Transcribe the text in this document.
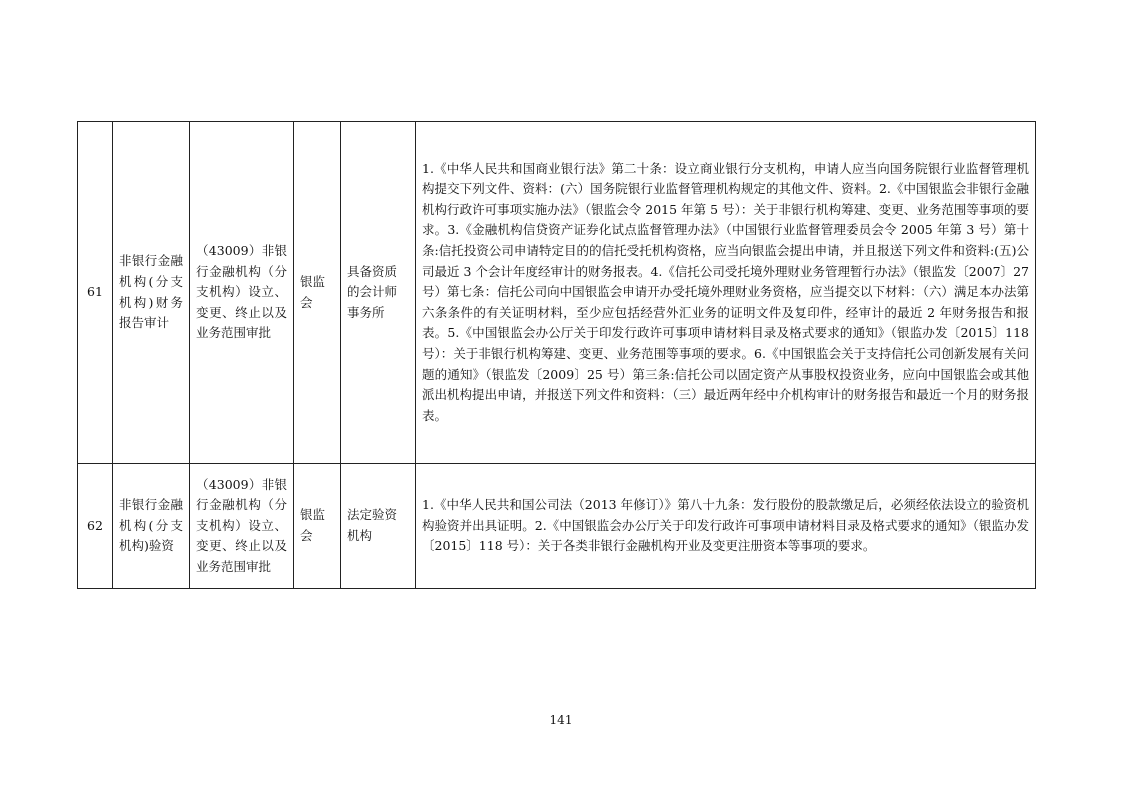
61	非银行金融机构(分支机构)财务报告审计	（43009）非银行金融机构（分支机构）设立、变更、终止以及业务范围审批	银监会	具备资质的会计师事务所	1.《中华人民共和国商业银行法》第二十条：设立商业银行分支机构，申请人应当向国务院银行业监督管理机构提交下列文件、资料：(六）国务院银行业监督管理机构规定的其他文件、资料。2.《中国银监会非银行金融机构行政许可事项实施办法》（银监会令 2015 年第 5 号）：关于非银行机构筹建、变更、业务范围等事项的要求。3.《金融机构信贷资产证券化试点监督管理办法》（中国银行业监督管理委员会令 2005 年第 3 号）第十条:信托投资公司申请特定目的的信托受托机构资格，应当向银监会提出申请，并且报送下列文件和资料:(五)公司最近 3 个会计年度经审计的财务报表。4.《信托公司受托境外理财业务管理暂行办法》（银监发〔2007〕27 号）第七条：信托公司向中国银监会申请开办受托境外理财业务资格，应当提交以下材料：（六）满足本办法第六条条件的有关证明材料，至少应包括经营外汇业务的证明文件及复印件，经审计的最近 2 年财务报告和报表。5.《中国银监会办公厅关于印发行政许可事项申请材料目录及格式要求的通知》（银监办发〔2015〕118 号）：关于非银行机构筹建、变更、业务范围等事项的要求。6.《中国银监会关于支持信托公司创新发展有关问题的通知》（银监发〔2009〕25 号）第三条:信托公司以固定资产从事股权投资业务，应向中国银监会或其他派出机构提出申请，并报送下列文件和资料：（三）最近两年经中介机构审计的财务报告和最近一个月的财务报表。
62	非银行金融机构(分支机构)验资	（43009）非银行金融机构（分支机构）设立、变更、终止以及业务范围审批	银监会	法定验资机构	1.《中华人民共和国公司法（2013 年修订）》第八十九条：发行股份的股款缴足后，必须经依法设立的验资机构验资并出具证明。2.《中国银监会办公厅关于印发行政许可事项申请材料目录及格式要求的通知》（银监办发〔2015〕118 号）：关于各类非银行金融机构开业及变更注册资本等事项的要求。
141
